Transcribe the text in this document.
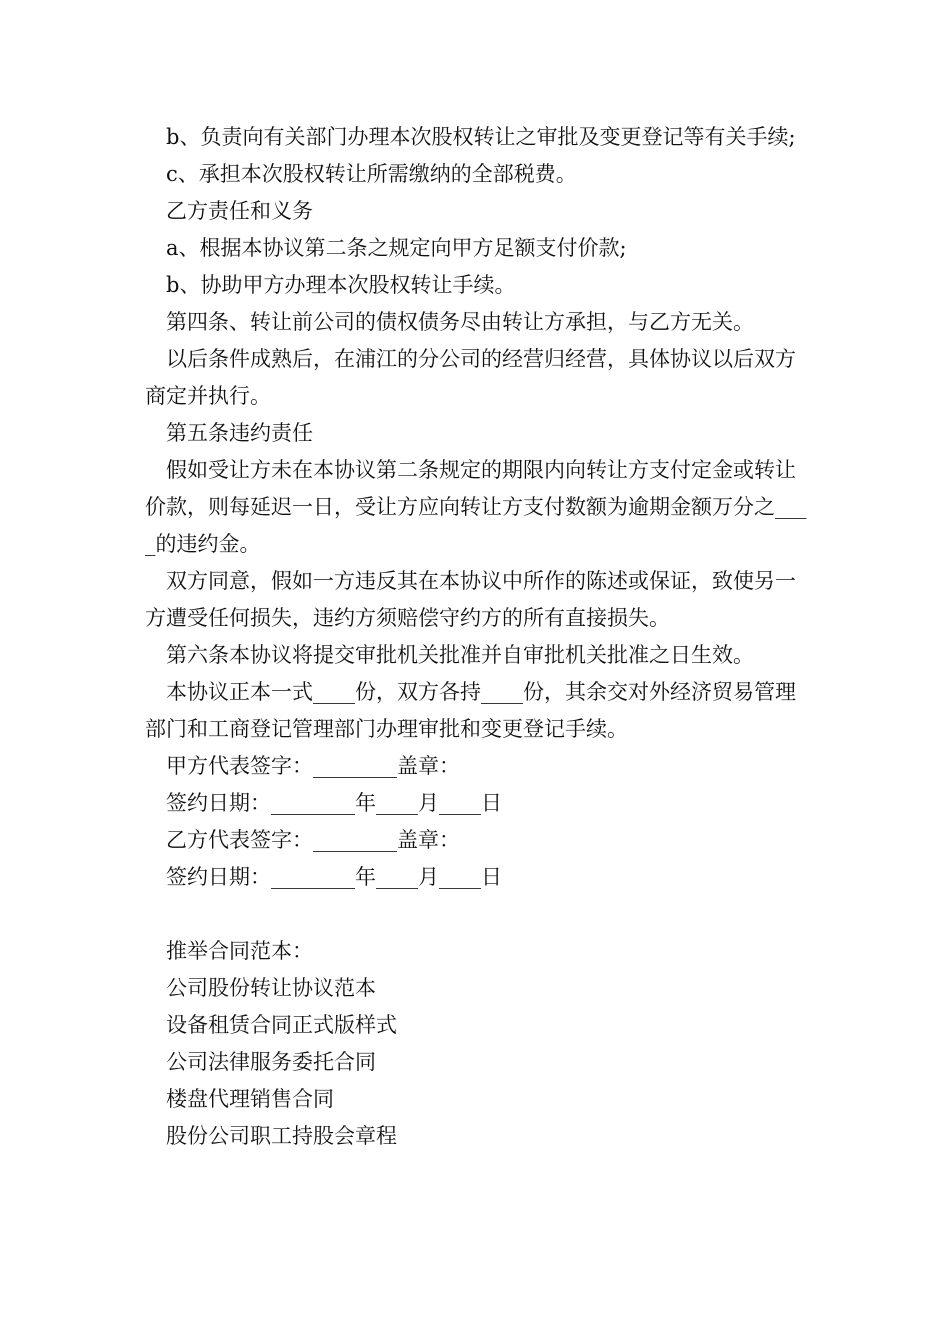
b、负责向有关部门办理本次股权转让之审批及变更登记等有关手续;

c、承担本次股权转让所需缴纳的全部税费。

乙方责任和义务

a、根据本协议第二条之规定向甲方足额支付价款;

b、协助甲方办理本次股权转让手续。

第四条、转让前公司的债权债务尽由转让方承担，与乙方无关。

以后条件成熟后，在浦江的分公司的经营归经营，具体协议以后双方商定并执行。

第五条违约责任

假如受让方未在本协议第二条规定的期限内向转让方支付定金或转让价款，则每延迟一日，受让方应向转让方支付数额为逾期金额万分之____的违约金。

双方同意，假如一方违反其在本协议中所作的陈述或保证，致使另一方遭受任何损失，违约方须赔偿守约方的所有直接损失。

第六条本协议将提交审批机关批准并自审批机关批准之日生效。

本协议正本一式____份，双方各持____份，其余交对外经济贸易管理部门和工商登记管理部门办理审批和变更登记手续。

甲方代表签字：________盖章：

签约日期：________年____月____日

乙方代表签字：________盖章：

签约日期：________年____月____日

推举合同范本：

公司股份转让协议范本

设备租赁合同正式版样式

公司法律服务委托合同

楼盘代理销售合同

股份公司职工持股会章程
